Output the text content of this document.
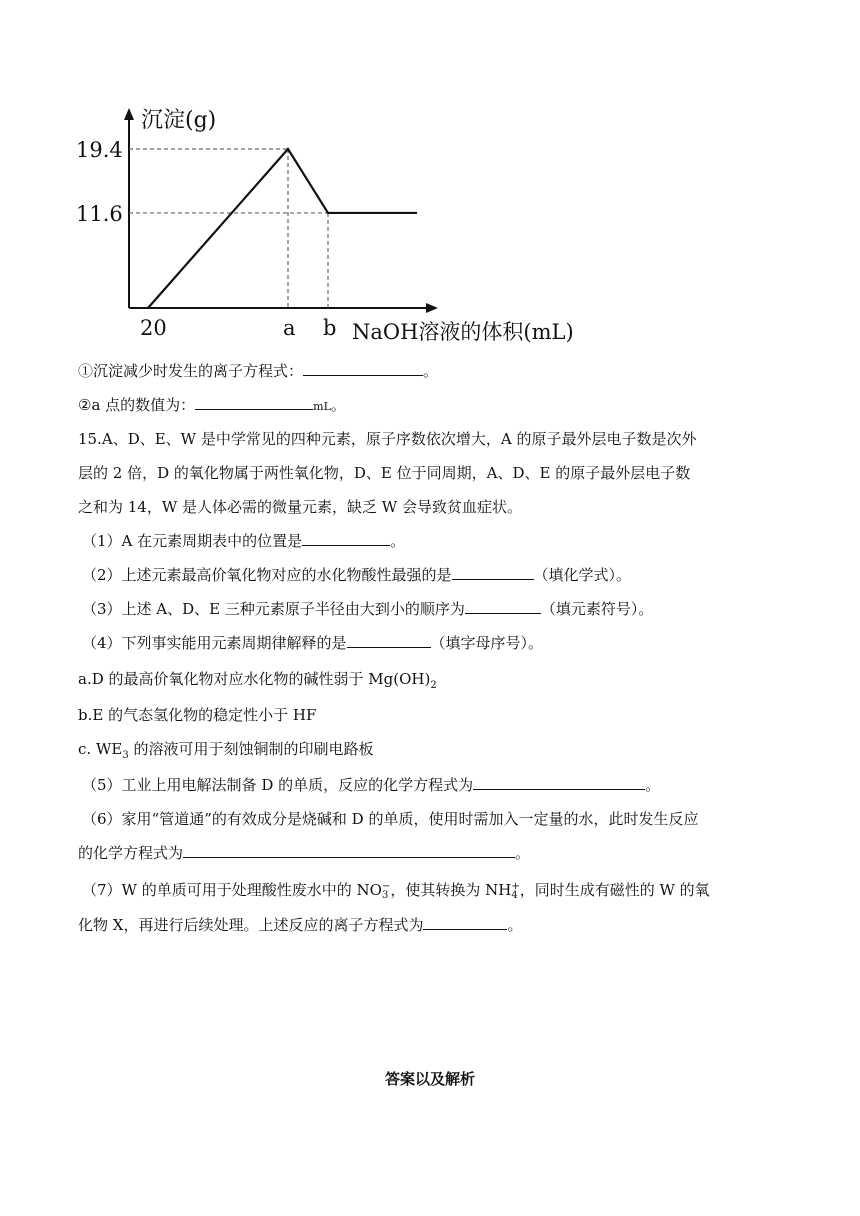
沉淀(g)
NaOH溶液的体积(mL)
19.4
11.6
20	a b
①沉淀减少时发生的离子方程式：	。
②a 点的数值为：	mL。
15.A、D、E、W 是中学常见的四种元素，原子序数依次增大，A 的原子最外层电子数是次外
层的 2 倍，D 的氧化物属于两性氧化物，D、E 位于同周期，A、D、E 的原子最外层电子数
之和为 14，W 是人体必需的微量元素，缺乏 W 会导致贫血症状。
（1）A 在元素周期表中的位置是	。
（2）上述元素最高价氧化物对应的水化物酸性最强的是	（填化学式）。
（3）上述 A、D、E 三种元素原子半径由大到小的顺序为	（填元素符号）。
（4）下列事实能用元素周期律解释的是	（填字母序号）。
a.D 的最高价氧化物对应水化物的碱性弱于 $Mg(OH)_2$
b.E 的气态氢化物的稳定性小于 HF
c. $WE_3$ 的溶液可用于刻蚀铜制的印刷电路板
（5）工业上用电解法制备 D 的单质，反应的化学方程式为	。
（6）家用“管道通”的有效成分是烧碱和 D 的单质，使用时需加入一定量的水，此时发生反应
的化学方程式为	。
（7）W 的单质可用于处理酸性废水中的 NO −
3 ，使其转换为 NH +
4 ，同时生成有磁性的 W 的氧
化物 X，再进行后续处理。上述反应的离子方程式为	。
答案以及解析
